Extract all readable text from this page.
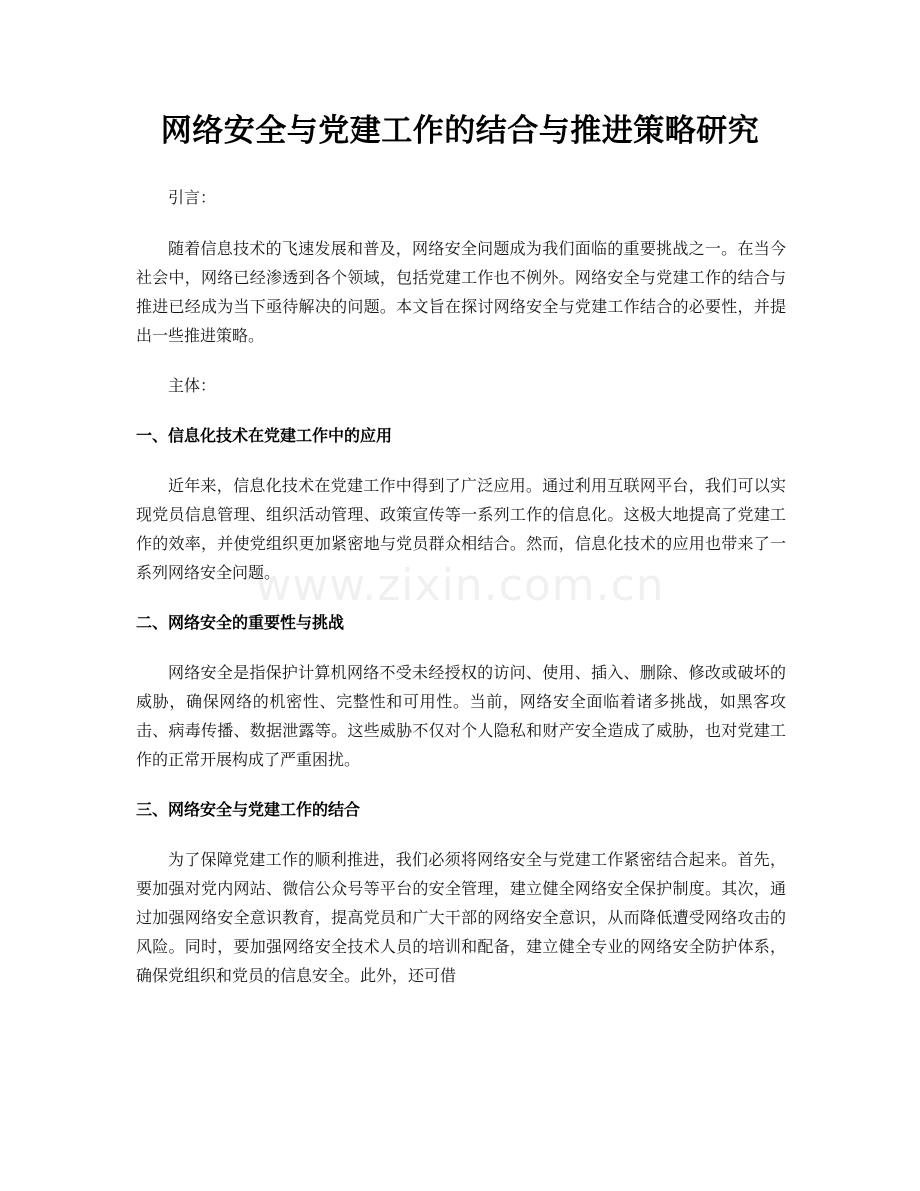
网络安全与党建工作的结合与推进策略研究
www.zixin.com.cn

引言：

随着信息技术的飞速发展和普及，网络安全问题成为我们面临的重要挑战之一。在当今社会中，网络已经渗透到各个领域，包括党建工作也不例外。网络安全与党建工作的结合与推进已经成为当下亟待解决的问题。本文旨在探讨网络安全与党建工作结合的必要性，并提出一些推进策略。

主体：

一、信息化技术在党建工作中的应用

近年来，信息化技术在党建工作中得到了广泛应用。通过利用互联网平台，我们可以实现党员信息管理、组织活动管理、政策宣传等一系列工作的信息化。这极大地提高了党建工作的效率，并使党组织更加紧密地与党员群众相结合。然而，信息化技术的应用也带来了一系列网络安全问题。

二、网络安全的重要性与挑战

网络安全是指保护计算机网络不受未经授权的访问、使用、插入、删除、修改或破坏的威胁，确保网络的机密性、完整性和可用性。当前，网络安全面临着诸多挑战，如黑客攻击、病毒传播、数据泄露等。这些威胁不仅对个人隐私和财产安全造成了威胁，也对党建工作的正常开展构成了严重困扰。

三、网络安全与党建工作的结合

为了保障党建工作的顺利推进，我们必须将网络安全与党建工作紧密结合起来。首先，要加强对党内网站、微信公众号等平台的安全管理，建立健全网络安全保护制度。其次，通过加强网络安全意识教育，提高党员和广大干部的网络安全意识，从而降低遭受网络攻击的风险。同时，要加强网络安全技术人员的培训和配备，建立健全专业的网络安全防护体系，确保党组织和党员的信息安全。此外，还可借
